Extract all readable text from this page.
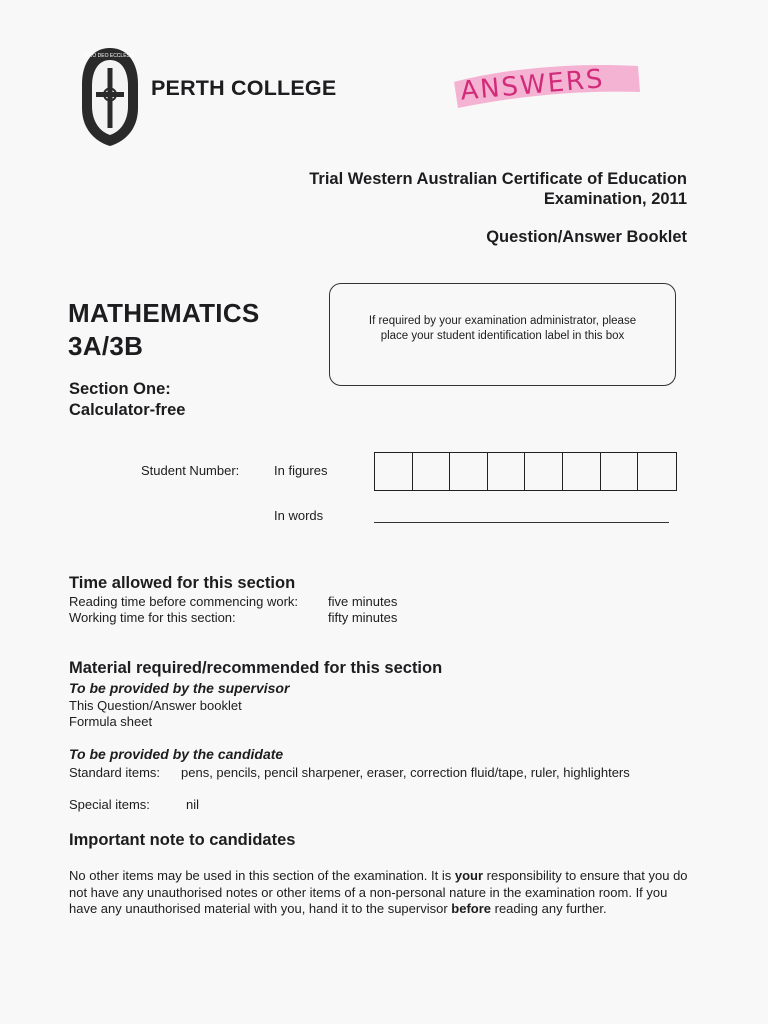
PRO DEO ECCLESIA
PERTH COLLEGE	ANSWERS
Trial Western Australian Certificate of Education
Examination, 2011
Question/Answer Booklet
MATHEMATICS
3A/3B
Section One:
Calculator-free
If required by your examination administrator, please
place your student identification label in this box
Student Number:	In figures
In words
Time allowed for this section
Reading time before commencing work:	five minutes
Working time for this section:	fifty minutes
Material required/recommended for this section
To be provided by the supervisor
This Question/Answer booklet
Formula sheet
To be provided by the candidate
Standard items:	pens, pencils, pencil sharpener, eraser, correction fluid/tape, ruler, highlighters
Special items:	nil
Important note to candidates
No other items may be used in this section of the examination. It is your responsibility to ensure that you do not have any unauthorised notes or other items of a non-personal nature in the examination room. If you have any unauthorised material with you, hand it to the supervisor before reading any further.
